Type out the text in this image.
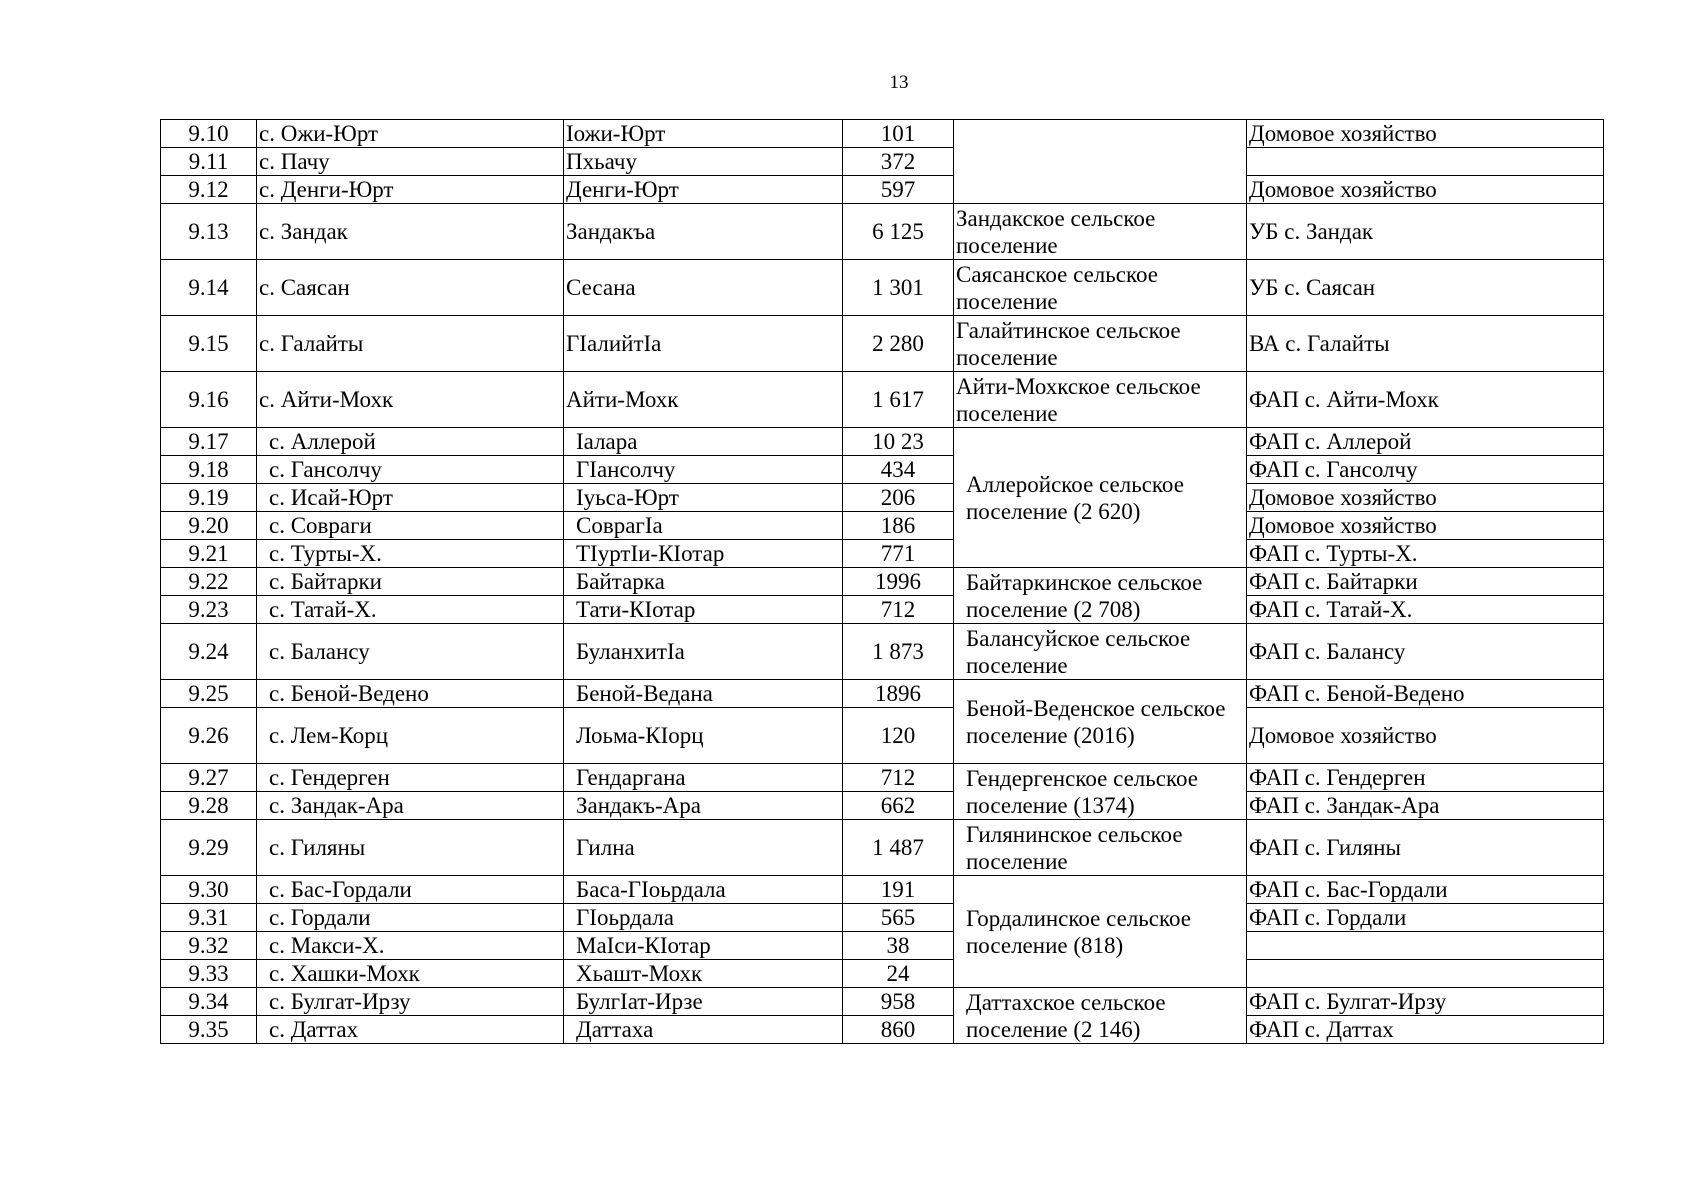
13
9.10	с. Ожи-Юрт	Іожи-Юрт	101		Домовое хозяйство
9.11	с. Пачу	Пхьачу	372		
9.12	с. Денги-Юрт	Денги-Юрт	597		Домовое хозяйство
9.13	с. Зандак	Зандакъа	6 125	Зандакское сельское поселение	УБ с. Зандак
9.14	с. Саясан	Сесана	1 301	Саясанское сельское поселение	УБ с. Саясан
9.15	с. Галайты	ГIалийтIа	2 280	Галайтинское сельское поселение	ВА с. Галайты
9.16	с. Айти-Мохк	Айти-Мохк	1 617	Айти-Мохкское сельское поселение	ФАП с. Айти-Мохк
9.17	с. Аллерой	Іалара	10 23	Аллеройское сельское поселение (2 620)	ФАП с. Аллерой
9.18	с. Гансолчу	ГIансолчу	434		ФАП с. Гансолчу
9.19	с. Исай-Юрт	Іуьса-Юрт	206		Домовое хозяйство
9.20	с. Совраги	СоврагIа	186		Домовое хозяйство
9.21	с. Турты-Х.	ТIуртIи-КIотар	771		ФАП с. Турты-Х.
9.22	с. Байтарки	Байтарка	1996	Байтаркинское сельское поселение (2 708)	ФАП с. Байтарки
9.23	с. Татай-Х.	Тати-КIотар	712		ФАП с. Татай-Х.
9.24	с. Балансу	БуланхитIа	1 873	Балансуйское сельское поселение	ФАП с. Балансу
9.25	с. Беной-Ведено	Беной-Ведана	1896	Беной-Веденское сельское поселение (2016)	ФАП с. Беной-Ведено
9.26	с. Лем-Корц	Лоьма-КIорц	120		Домовое хозяйство
9.27	с. Гендерген	Гендаргана	712	Гендергенское сельское поселение (1374)	ФАП с. Гендерген
9.28	с. Зандак-Ара	Зандакъ-Ара	662		ФАП с. Зандак-Ара
9.29	с. Гиляны	Гилна	1 487	Гилянинское сельское поселение	ФАП с. Гиляны
9.30	с. Бас-Гордали	Баса-ГIоьрдала	191	Гордалинское сельское поселение (818)	ФАП с. Бас-Гордали
9.31	с. Гордали	ГIоьрдала	565		ФАП с. Гордали
9.32	с. Макси-Х.	МаIси-КIотар	38		
9.33	с. Хашки-Мохк	Хьашт-Мохк	24		
9.34	с. Булгат-Ирзу	БулгIат-Ирзе	958	Даттахское сельское поселение (2 146)	ФАП с. Булгат-Ирзу
9.35	с. Даттах	Даттаха	860		ФАП с. Даттах
